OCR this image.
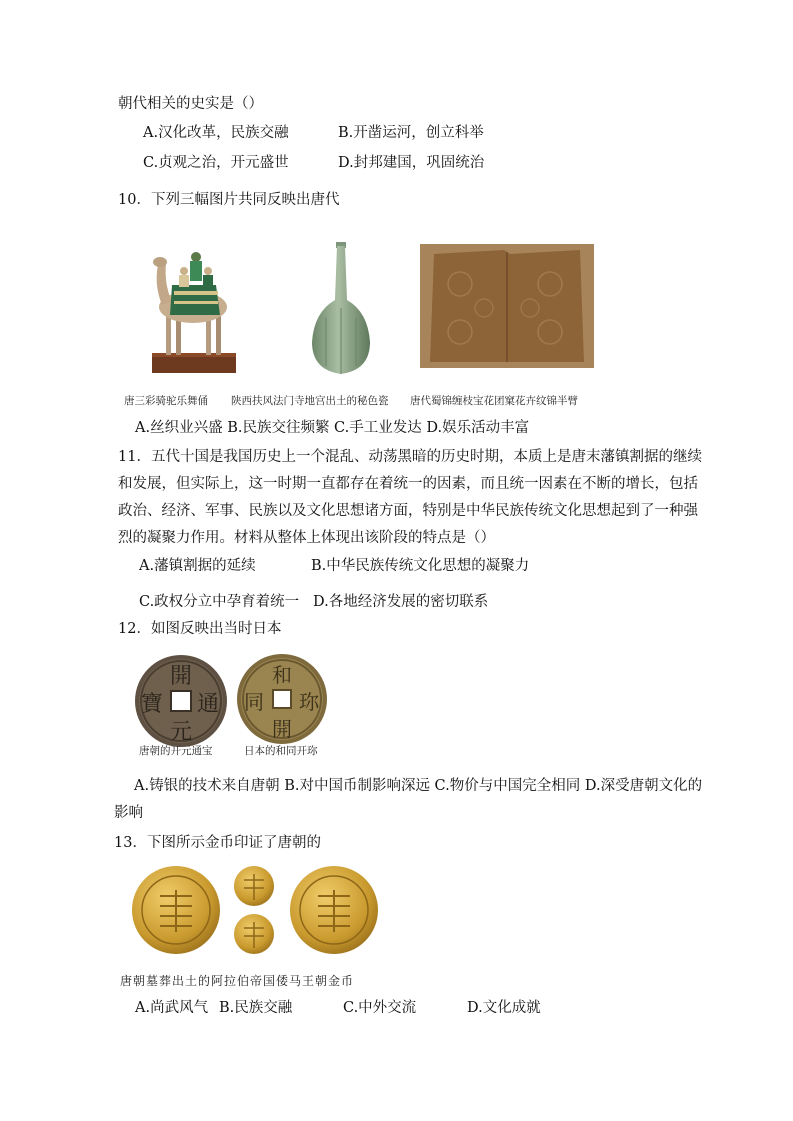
朝代相关的史实是（）
A.汉化改革，民族交融	B.开凿运河，创立科举
C.贞观之治，开元盛世	D.封邦建国，巩固统治
10．下列三幅图片共同反映出唐代
唐三彩骑驼乐舞俑 陕西扶风法门寺地宫出土的秘色瓷 唐代蜀锦缠枝宝花团窠花卉纹锦半臂
A.丝织业兴盛 B.民族交往频繁 C.手工业发达 D.娱乐活动丰富
11．五代十国是我国历史上一个混乱、动荡黑暗的历史时期，本质上是唐末藩镇割据的继续
和发展，但实际上，这一时期一直都存在着统一的因素，而且统一因素在不断的增长，包括
政治、经济、军事、民族以及文化思想诸方面，特别是中华民族传统文化思想起到了一种强
烈的凝聚力作用。材料从整体上体现出该阶段的特点是（）
A.藩镇割据的延续	B.中华民族传统文化思想的凝聚力
C.政权分立中孕育着统一 D.各地经济发展的密切联系
12．如图反映出当时日本
開
元
寶 通
和
開
同 珎
唐朝的开元通宝	日本的和同开珎
A.铸银的技术来自唐朝 B.对中国币制影响深远 C.物价与中国完全相同 D.深受唐朝文化的
影响
13．下图所示金币印证了唐朝的
唐朝墓葬出土的阿拉伯帝国倭马王朝金币
A.尚武风气 B.民族交融	C.中外交流	D.文化成就
